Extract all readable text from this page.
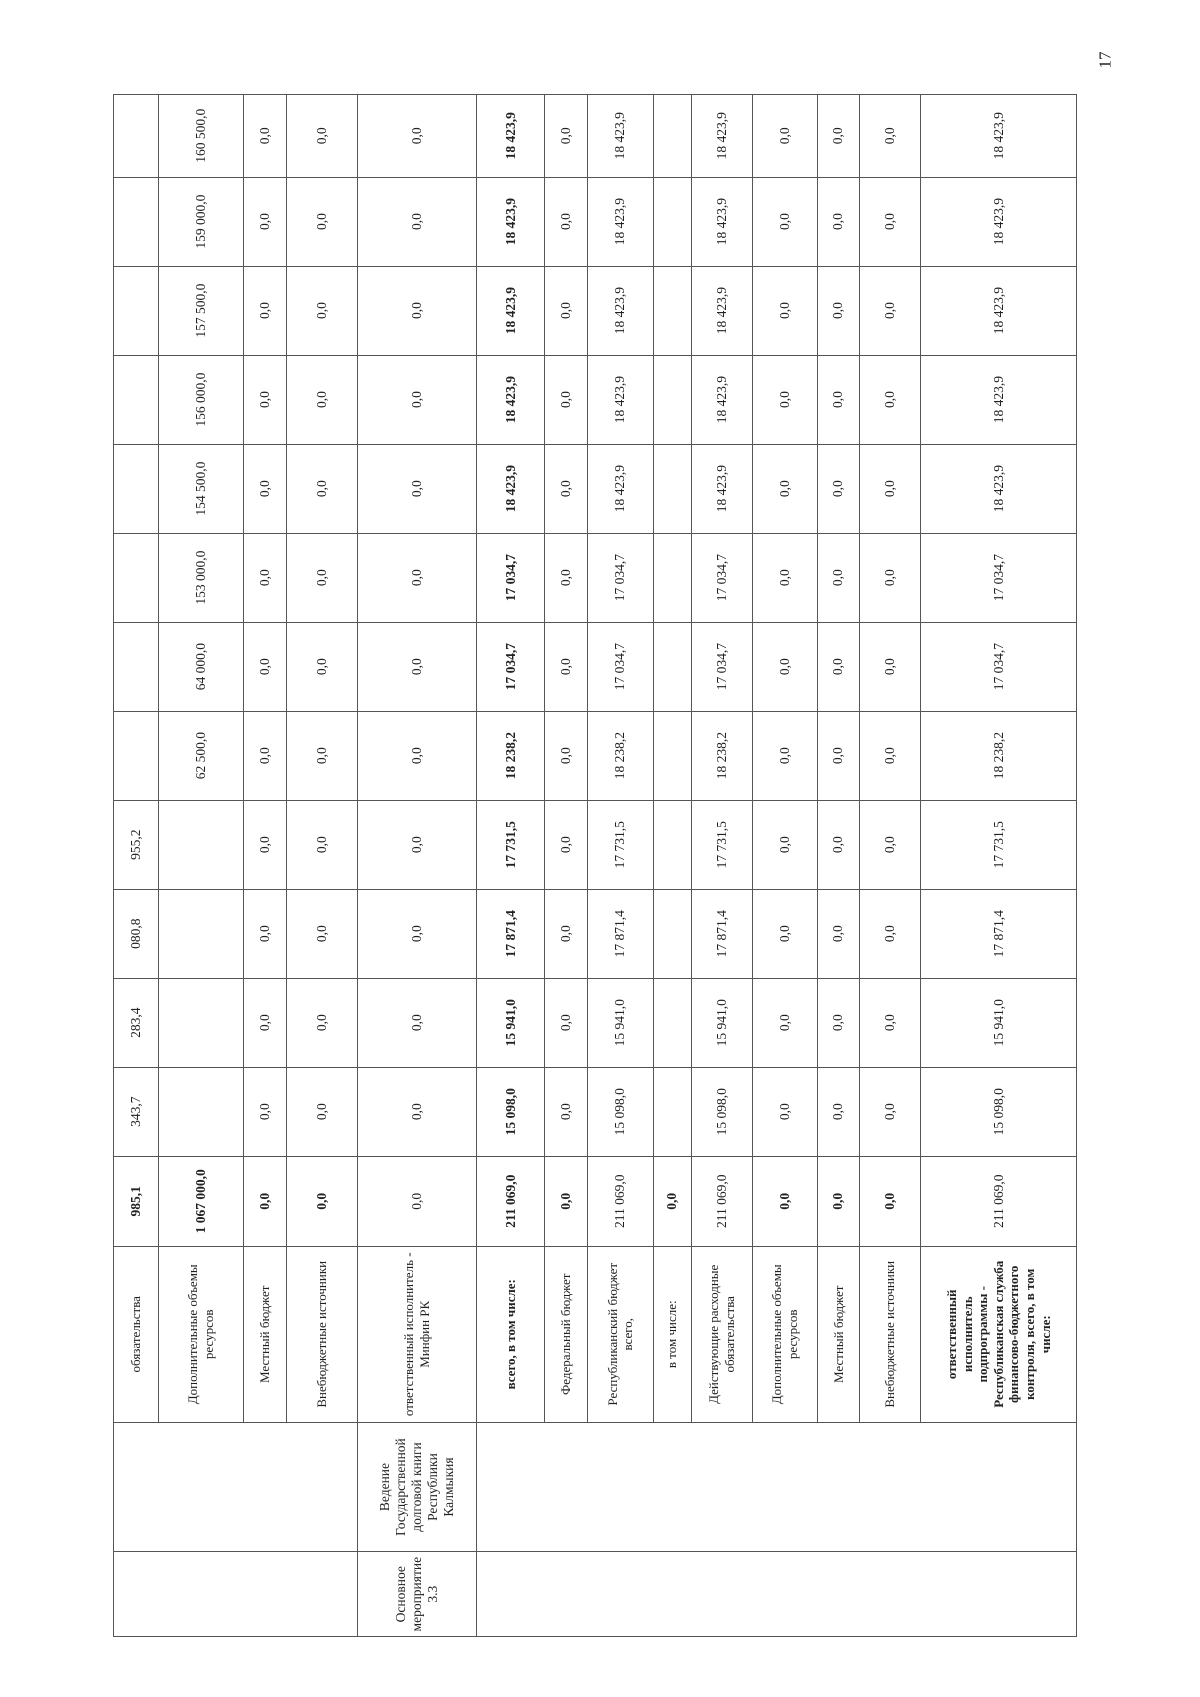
17
		обязательства	985,1	343,7	283,4	080,8	955,2								
		Дополнительные объемы ресурсов	1 067 000,0					62 500,0	64 000,0	153 000,0	154 500,0	156 000,0	157 500,0	159 000,0	160 500,0
		Местный бюджет	0,0	0,0	0,0	0,0	0,0	0,0	0,0	0,0	0,0	0,0	0,0	0,0	0,0
		Внебюджетные источники	0,0	0,0	0,0	0,0	0,0	0,0	0,0	0,0	0,0	0,0	0,0	0,0	0,0
Основное мероприятие 3.3	Ведение Государственной долговой книги Республики Калмыкия	ответственный исполнитель - Минфин РК	0,0	0,0	0,0	0,0	0,0	0,0	0,0	0,0	0,0	0,0	0,0	0,0	0,0
		всего, в том числе:	211 069,0	15 098,0	15 941,0	17 871,4	17 731,5	18 238,2	17 034,7	17 034,7	18 423,9	18 423,9	18 423,9	18 423,9	18 423,9
		Федеральный бюджет	0,0	0,0	0,0	0,0	0,0	0,0	0,0	0,0	0,0	0,0	0,0	0,0	0,0
		Республиканский бюджет всего,	211 069,0	15 098,0	15 941,0	17 871,4	17 731,5	18 238,2	17 034,7	17 034,7	18 423,9	18 423,9	18 423,9	18 423,9	18 423,9
		в том числе:	0,0												
		Действующие расходные обязательства	211 069,0	15 098,0	15 941,0	17 871,4	17 731,5	18 238,2	17 034,7	17 034,7	18 423,9	18 423,9	18 423,9	18 423,9	18 423,9
		Дополнительные объемы ресурсов	0,0	0,0	0,0	0,0	0,0	0,0	0,0	0,0	0,0	0,0	0,0	0,0	0,0
		Местный бюджет	0,0	0,0	0,0	0,0	0,0	0,0	0,0	0,0	0,0	0,0	0,0	0,0	0,0
		Внебюджетные источники	0,0	0,0	0,0	0,0	0,0	0,0	0,0	0,0	0,0	0,0	0,0	0,0	0,0
		ответственный исполнитель подпрограммы - Республиканская служба финансово-бюджетного контроля, всего, в том числе:	211 069,0	15 098,0	15 941,0	17 871,4	17 731,5	18 238,2	17 034,7	17 034,7	18 423,9	18 423,9	18 423,9	18 423,9	18 423,9
